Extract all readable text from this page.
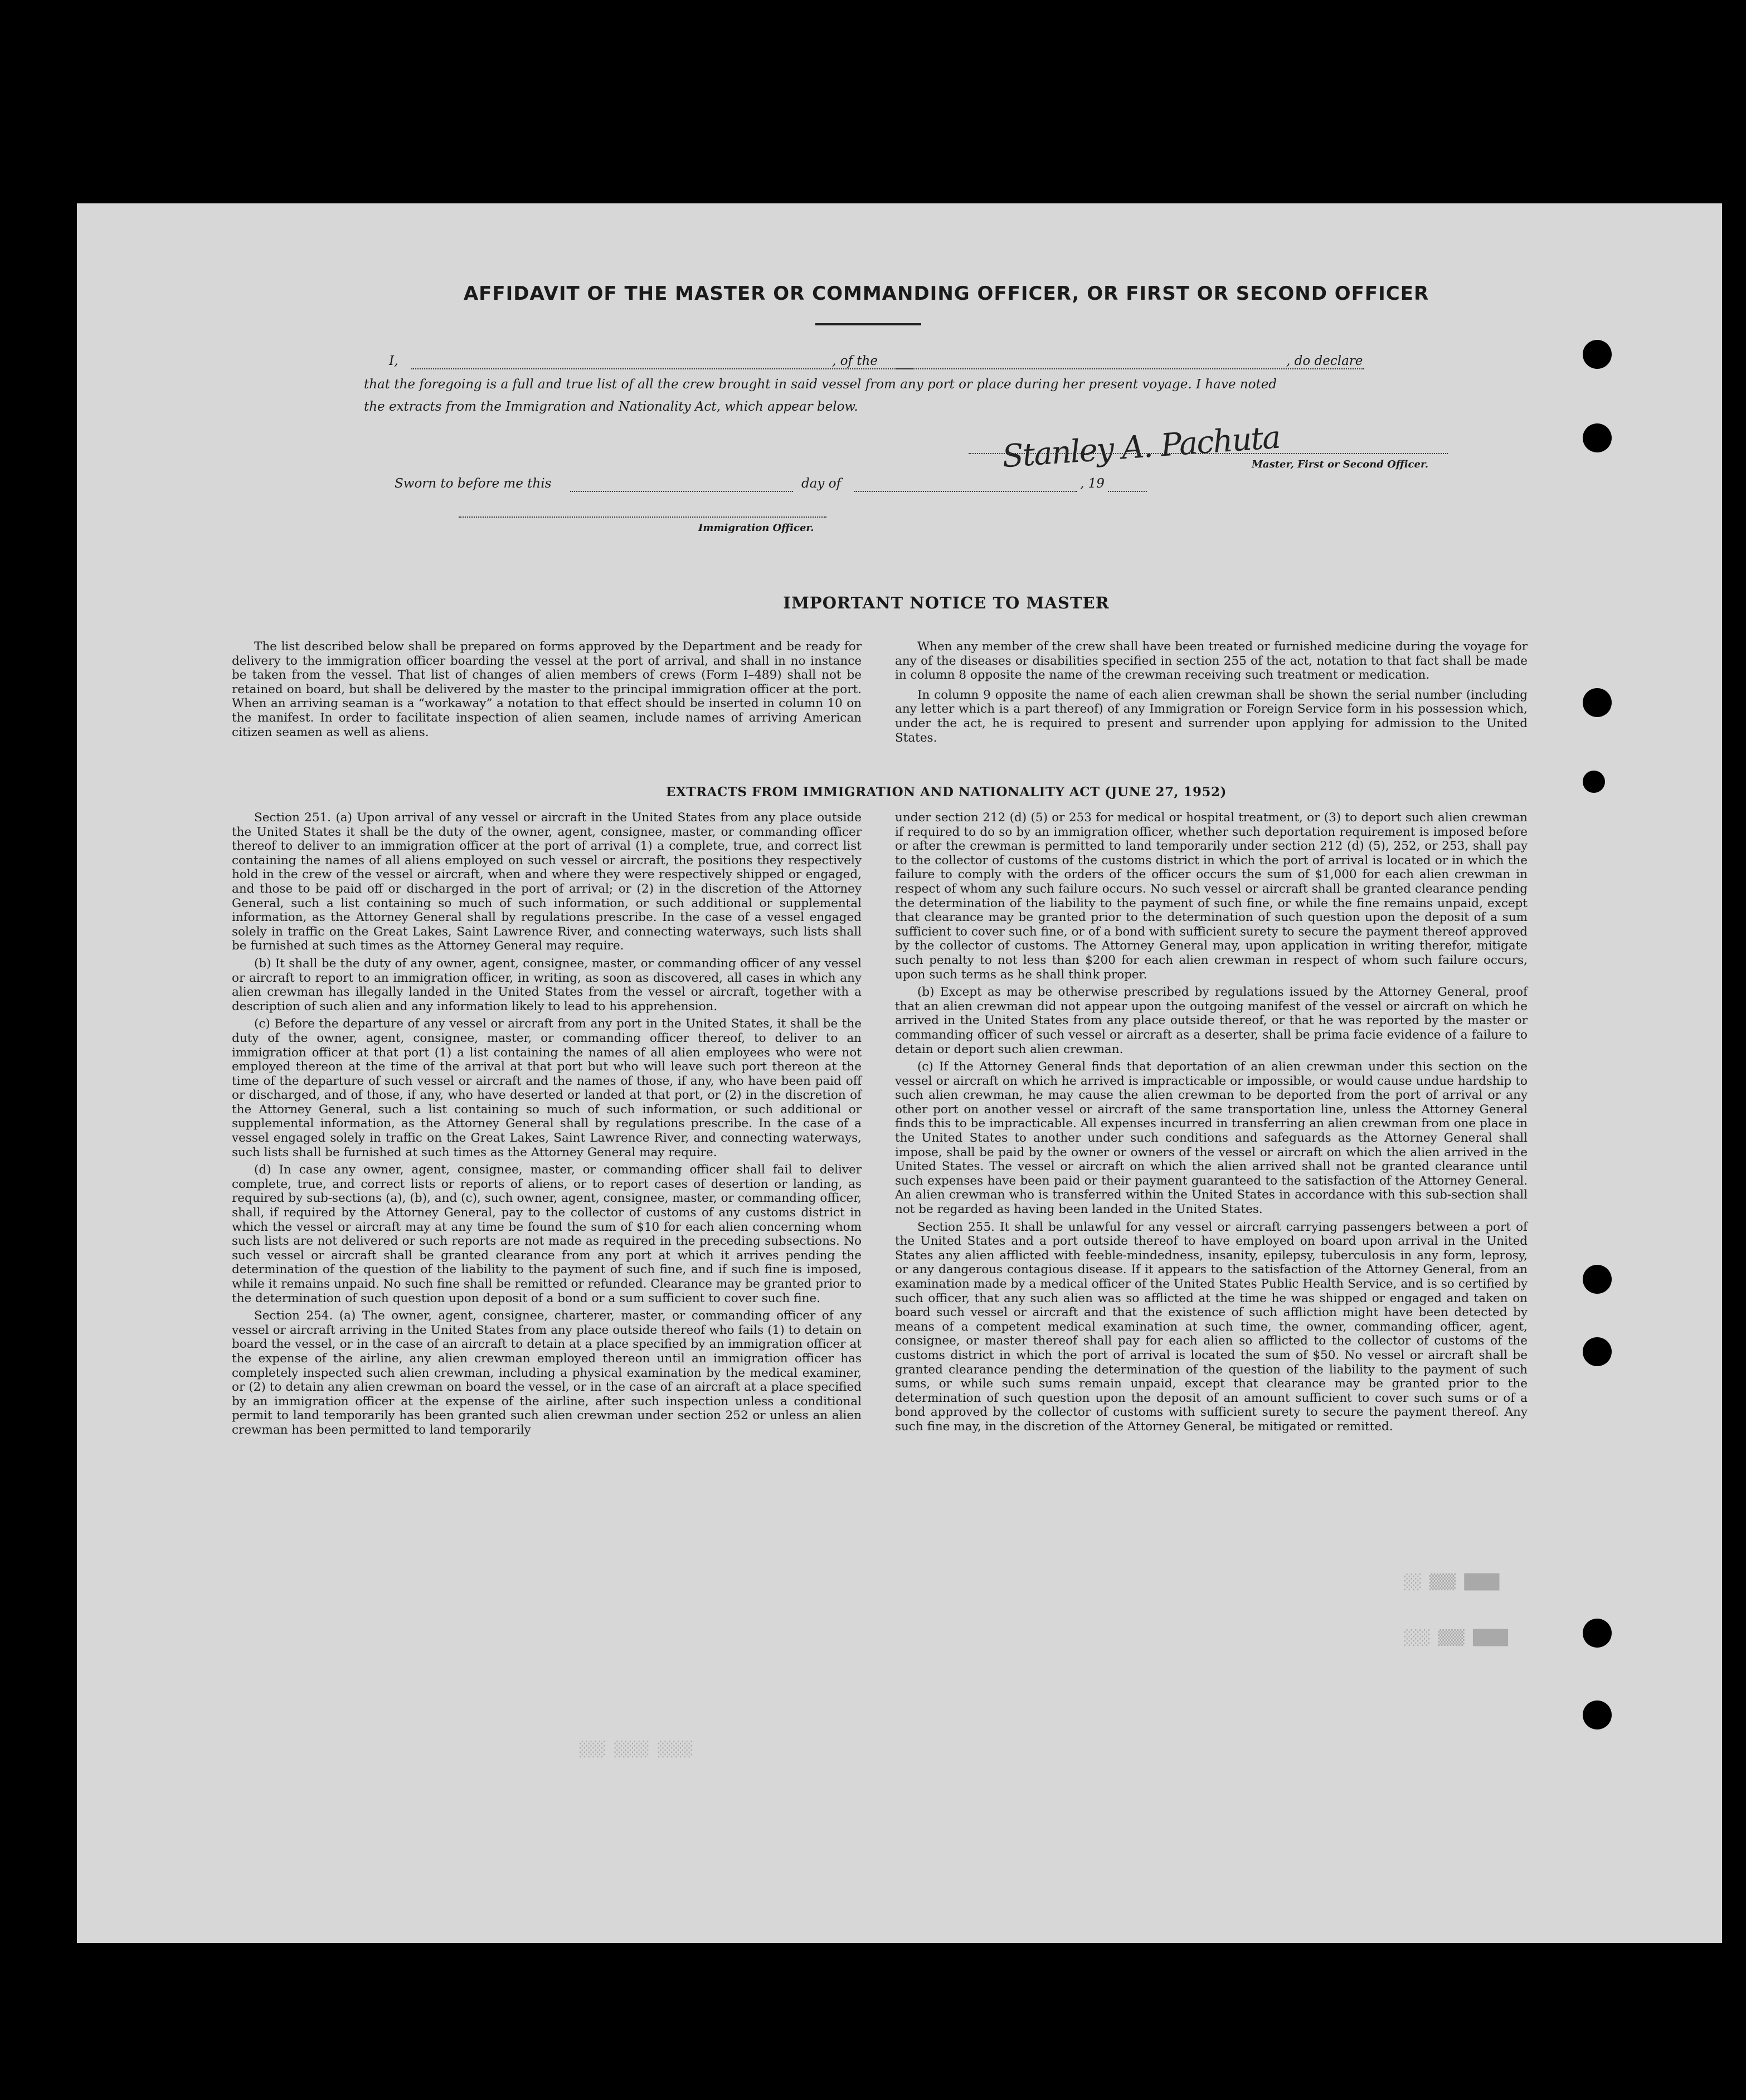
AFFIDAVIT OF THE MASTER OR COMMANDING OFFICER, OR FIRST OR SECOND OFFICER
I,	, of the	, do declare
that the foregoing is a full and true list of all the crew brought in said vessel from any port or place during her present voyage. I have noted
the extracts from the Immigration and Nationality Act, which appear below.
Stanley A. Pachuta
Master, First or Second Officer.
Sworn to before me this	day of	, 19
Immigration Officer.
IMPORTANT NOTICE TO MASTER

The list described below shall be prepared on forms approved by the Department and be ready for delivery to the immigration officer boarding the vessel at the port of arrival, and shall in no instance be taken from the vessel. That list of changes of alien members of crews (Form I–489) shall not be retained on board, but shall be delivered by the master to the principal immigration officer at the port. When an arriving seaman is a “workaway” a notation to that effect should be inserted in column 10 on the manifest. In order to facilitate inspection of alien seamen, include names of arriving American citizen seamen as well as aliens.

When any member of the crew shall have been treated or furnished medicine during the voyage for any of the diseases or disabilities specified in section 255 of the act, notation to that fact shall be made in column 8 opposite the name of the crewman receiving such treatment or medication.

In column 9 opposite the name of each alien crewman shall be shown the serial number (including any letter which is a part thereof) of any Immigration or Foreign Service form in his possession which, under the act, he is required to present and surrender upon applying for admission to the United States.

EXTRACTS FROM IMMIGRATION AND NATIONALITY ACT (JUNE 27, 1952)

Section 251. (a) Upon arrival of any vessel or aircraft in the United States from any place outside the United States it shall be the duty of the owner, agent, consignee, master, or commanding officer thereof to deliver to an immigration officer at the port of arrival (1) a complete, true, and correct list containing the names of all aliens employed on such vessel or aircraft, the positions they respectively hold in the crew of the vessel or aircraft, when and where they were respectively shipped or engaged, and those to be paid off or discharged in the port of arrival; or (2) in the discretion of the Attorney General, such a list containing so much of such information, or such additional or supplemental information, as the Attorney General shall by regulations prescribe. In the case of a vessel engaged solely in traffic on the Great Lakes, Saint Lawrence River, and connecting waterways, such lists shall be furnished at such times as the Attorney General may require.

(b) It shall be the duty of any owner, agent, consignee, master, or commanding officer of any vessel or aircraft to report to an immigration officer, in writing, as soon as discovered, all cases in which any alien crewman has illegally landed in the United States from the vessel or aircraft, together with a description of such alien and any information likely to lead to his apprehension.

(c) Before the departure of any vessel or aircraft from any port in the United States, it shall be the duty of the owner, agent, consignee, master, or commanding officer thereof, to deliver to an immigration officer at that port (1) a list containing the names of all alien employees who were not employed thereon at the time of the arrival at that port but who will leave such port thereon at the time of the departure of such vessel or aircraft and the names of those, if any, who have been paid off or discharged, and of those, if any, who have deserted or landed at that port, or (2) in the discretion of the Attorney General, such a list containing so much of such information, or such additional or supplemental information, as the Attorney General shall by regulations prescribe. In the case of a vessel engaged solely in traffic on the Great Lakes, Saint Lawrence River, and connecting waterways, such lists shall be furnished at such times as the Attorney General may require.

(d) In case any owner, agent, consignee, master, or commanding officer shall fail to deliver complete, true, and correct lists or reports of aliens, or to report cases of desertion or landing, as required by sub-sections (a), (b), and (c), such owner, agent, consignee, master, or commanding officer, shall, if required by the Attorney General, pay to the collector of customs of any customs district in which the vessel or aircraft may at any time be found the sum of $10 for each alien concerning whom such lists are not delivered or such reports are not made as required in the preceding subsections. No such vessel or aircraft shall be granted clearance from any port at which it arrives pending the determination of the question of the liability to the payment of such fine, and if such fine is imposed, while it remains unpaid. No such fine shall be remitted or refunded. Clearance may be granted prior to the determination of such question upon deposit of a bond or a sum sufficient to cover such fine.

Section 254. (a) The owner, agent, consignee, charterer, master, or commanding officer of any vessel or aircraft arriving in the United States from any place outside thereof who fails (1) to detain on board the vessel, or in the case of an aircraft to detain at a place specified by an immigration officer at the expense of the airline, any alien crewman employed thereon until an immigration officer has completely inspected such alien crewman, including a physical examination by the medical examiner, or (2) to detain any alien crewman on board the vessel, or in the case of an aircraft at a place specified by an immigration officer at the expense of the airline, after such inspection unless a conditional permit to land temporarily has been granted such alien crewman under section 252 or unless an alien crewman has been permitted to land temporarily

under section 212 (d) (5) or 253 for medical or hospital treatment, or (3) to deport such alien crewman if required to do so by an immigration officer, whether such deportation requirement is imposed before or after the crewman is permitted to land temporarily under section 212 (d) (5), 252, or 253, shall pay to the collector of customs of the customs district in which the port of arrival is located or in which the failure to comply with the orders of the officer occurs the sum of $1,000 for each alien crewman in respect of whom any such failure occurs. No such vessel or aircraft shall be granted clearance pending the determination of the liability to the payment of such fine, or while the fine remains unpaid, except that clearance may be granted prior to the determination of such question upon the deposit of a sum sufficient to cover such fine, or of a bond with sufficient surety to secure the payment thereof approved by the collector of customs. The Attorney General may, upon application in writing therefor, mitigate such penalty to not less than $200 for each alien crewman in respect of whom such failure occurs, upon such terms as he shall think proper.

(b) Except as may be otherwise prescribed by regulations issued by the Attorney General, proof that an alien crewman did not appear upon the outgoing manifest of the vessel or aircraft on which he arrived in the United States from any place outside thereof, or that he was reported by the master or commanding officer of such vessel or aircraft as a deserter, shall be prima facie evidence of a failure to detain or deport such alien crewman.

(c) If the Attorney General finds that deportation of an alien crewman under this section on the vessel or aircraft on which he arrived is impracticable or impossible, or would cause undue hardship to such alien crewman, he may cause the alien crewman to be deported from the port of arrival or any other port on another vessel or aircraft of the same transportation line, unless the Attorney General finds this to be impracticable. All expenses incurred in transferring an alien crewman from one place in the United States to another under such conditions and safeguards as the Attorney General shall impose, shall be paid by the owner or owners of the vessel or aircraft on which the alien arrived in the United States. The vessel or aircraft on which the alien arrived shall not be granted clearance until such expenses have been paid or their payment guaranteed to the satisfaction of the Attorney General. An alien crewman who is transferred within the United States in accordance with this sub-section shall not be regarded as having been landed in the United States.

Section 255. It shall be unlawful for any vessel or aircraft carrying passengers between a port of the United States and a port outside thereof to have employed on board upon arrival in the United States any alien afflicted with feeble-mindedness, insanity, epilepsy, tuberculosis in any form, leprosy, or any dangerous contagious disease. If it appears to the satisfaction of the Attorney General, from an examination made by a medical officer of the United States Public Health Service, and is so certified by such officer, that any such alien was so afflicted at the time he was shipped or engaged and taken on board such vessel or aircraft and that the existence of such affliction might have been detected by means of a competent medical examination at such time, the owner, commanding officer, agent, consignee, or master thereof shall pay for each alien so afflicted to the collector of customs of the customs district in which the port of arrival is located the sum of $50. No vessel or aircraft shall be granted clearance pending the determination of the question of the liability to the payment of such sums, or while such sums remain unpaid, except that clearance may be granted prior to the determination of such question upon the deposit of an amount sufficient to cover such sums or of a bond approved by the collector of customs with sufficient surety to secure the payment thereof. Any such fine may, in the discretion of the Attorney General, be mitigated or remitted.

████ ▒▒▒ ░░
████ ▒▒▒ ░░░
░░░░ ░░░░ ░░░
